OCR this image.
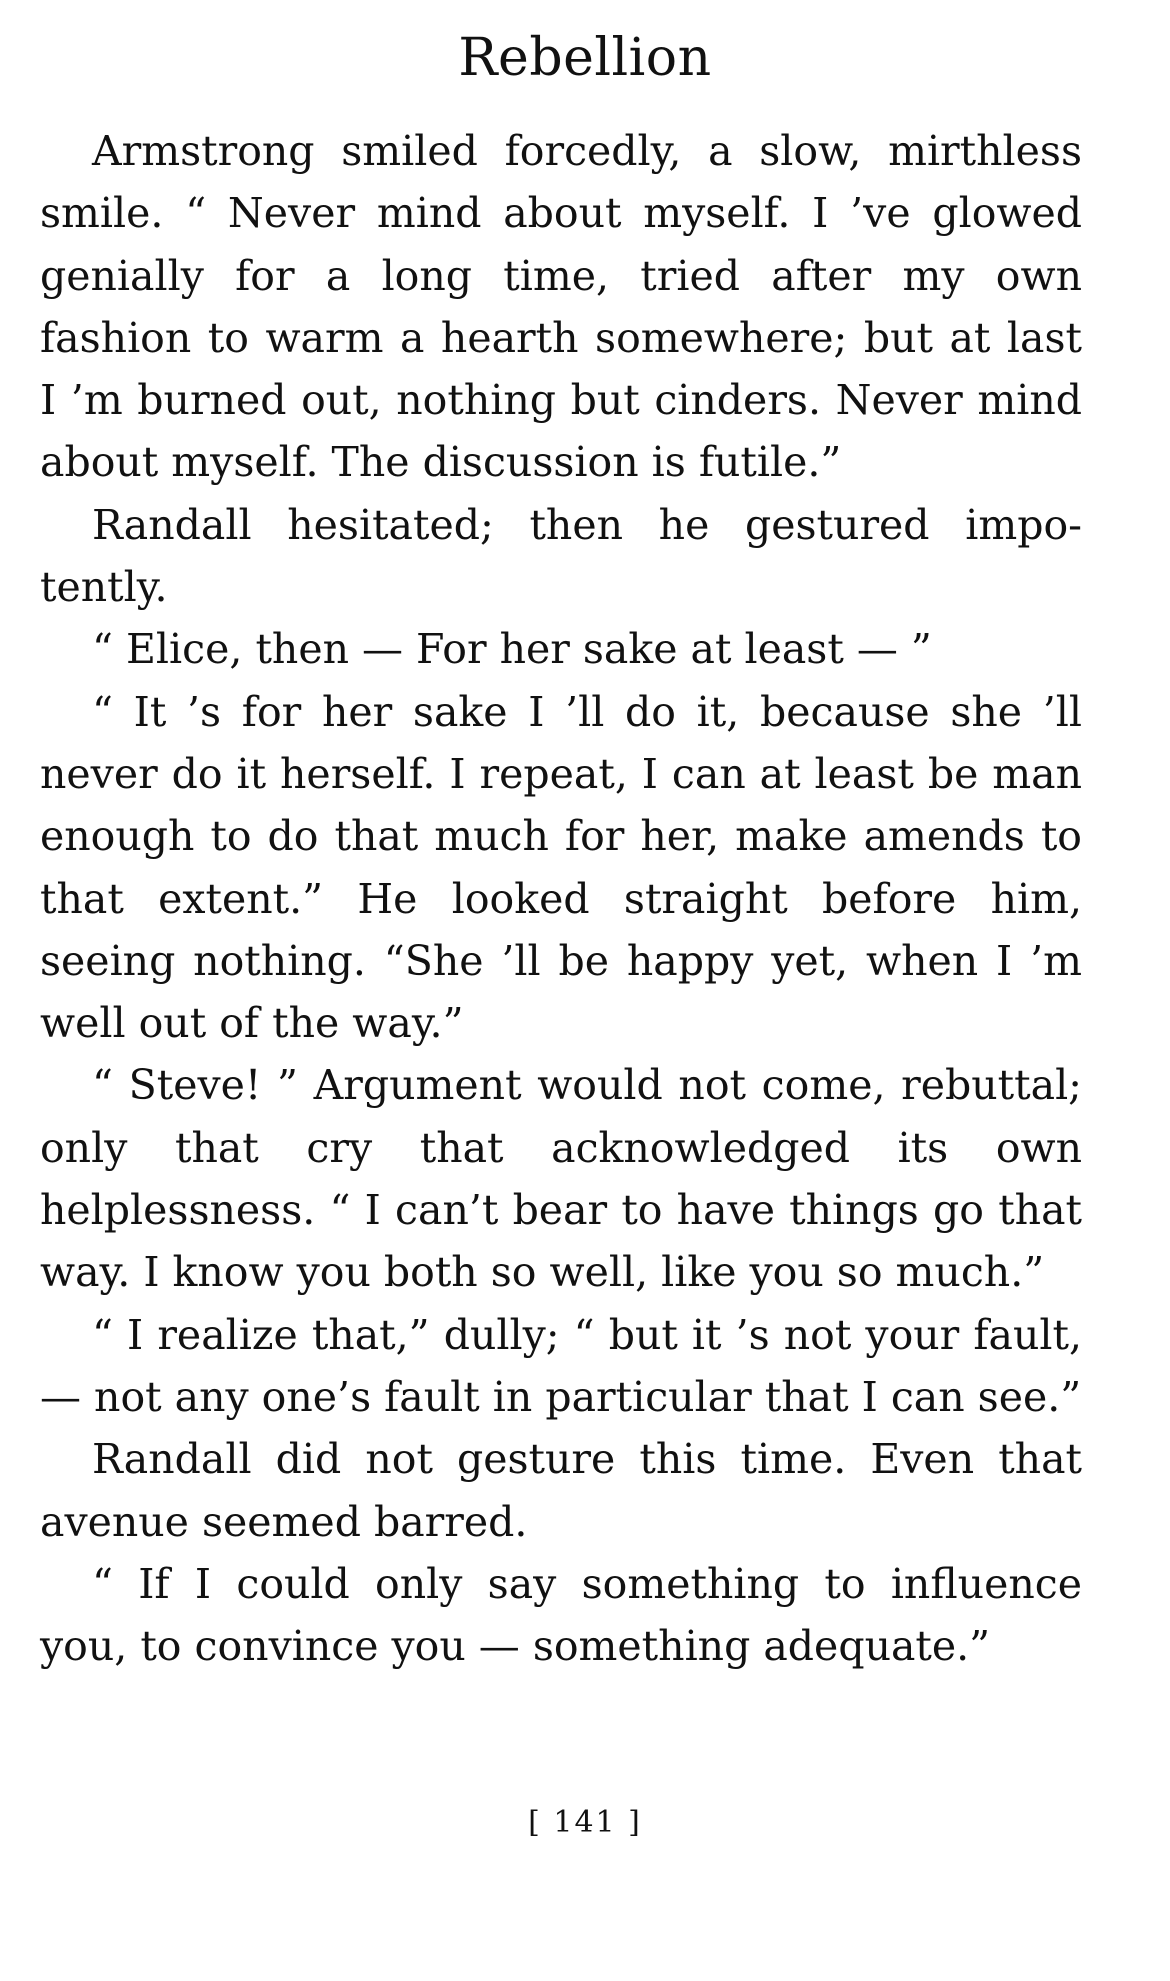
Rebellion

Armstrong smiled forcedly, a slow, mirthless smile. “ Never mind about myself. I ’ve glowed genially for a long time, tried after my own fashion to warm a hearth somewhere; but at last I ’m burned out, nothing but cinders. Never mind about myself. The discussion is futile.”

Randall hesitated; then he gestured impotently.

“ Elice, then — For her sake at least — ”

“ It ’s for her sake I ’ll do it, because she ’ll never do it herself. I repeat, I can at least be man enough to do that much for her, make amends to that extent.” He looked straight before him, seeing nothing. “She ’ll be happy yet, when I ’m well out of the way.”

“ Steve! ” Argument would not come, rebuttal; only that cry that acknowledged its own helplessness. “ I can’t bear to have things go that way. I know you both so well, like you so much.”

“ I realize that,” dully; “ but it ’s not your fault, — not any one’s fault in particular that I can see.”

Randall did not gesture this time. Even that avenue seemed barred.

“ If I could only say something to influence you, to convince you — something adequate.”

[ 141 ]
